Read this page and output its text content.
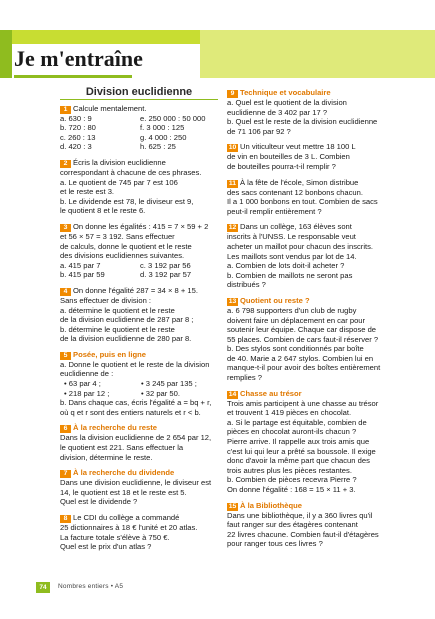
Je m'entraîne
Division euclidienne
1 Calcule mentalement.
a. 630 : 9	e. 250 000 : 50 000
b. 720 : 80	f. 3 000 : 125
c. 260 : 13	g. 4 000 : 250
d. 420 : 3	h. 625 : 25
2 Écris la division euclidienne
correspondant à chacune de ces phrases.
a. Le quotient de 745 par 7 est 106
et le reste est 3.
b. Le dividende est 78, le diviseur est 9,
le quotient 8 et le reste 6.
3 On donne les égalités : 415 = 7 × 59 + 2
et 56 × 57 = 3 192. Sans effectuer
de calculs, donne le quotient et le reste
des divisions euclidiennes suivantes.
a. 415 par 7	c. 3 192 par 56
b. 415 par 59	d. 3 192 par 57
4 On donne l'égalité 287 = 34 × 8 + 15.
Sans effectuer de division :
a. détermine le quotient et le reste
de la division euclidienne de 287 par 8 ;
b. détermine le quotient et le reste
de la division euclidienne de 280 par 8.
5 Posée, puis en ligne
a. Donne le quotient et le reste de la division
euclidienne de :
• 63 par 4 ;	• 3 245 par 135 ;
• 218 par 12 ;	• 32 par 50.
b. Dans chaque cas, écris l'égalité a = bq + r,
où q et r sont des entiers naturels et r < b.
6 À la recherche du reste
Dans la division euclidienne de 2 654 par 12,
le quotient est 221. Sans effectuer la
division, détermine le reste.
7 À la recherche du dividende
Dans une division euclidienne, le diviseur est
14, le quotient est 18 et le reste est 5.
Quel est le dividende ?
8 Le CDI du collège a commandé
25 dictionnaires à 18 € l'unité et 20 atlas.
La facture totale s'élève à 750 €.
Quel est le prix d'un atlas ?
9 Technique et vocabulaire
a. Quel est le quotient de la division
euclidienne de 3 402 par 17 ?
b. Quel est le reste de la division euclidienne
de 71 106 par 92 ?
10 Un viticulteur veut mettre 18 100 L
de vin en bouteilles de 3 L. Combien
de bouteilles pourra-t-il remplir ?
11 À la fête de l'école, Simon distribue
des sacs contenant 12 bonbons chacun.
Il a 1 000 bonbons en tout. Combien de sacs
peut-il remplir entièrement ?
12 Dans un collège, 163 élèves sont
inscrits à l'UNSS. Le responsable veut
acheter un maillot pour chacun des inscrits.
Les maillots sont vendus par lot de 14.
a. Combien de lots doit-il acheter ?
b. Combien de maillots ne seront pas
distribués ?
13 Quotient ou reste ?
a. 6 798 supporters d'un club de rugby
doivent faire un déplacement en car pour
soutenir leur équipe. Chaque car dispose de
55 places. Combien de cars faut-il réserver ?
b. Des stylos sont conditionnés par boîte
de 40. Marie a 2 647 stylos. Combien lui en
manque-t-il pour avoir des boîtes entièrement
remplies ?
14 Chasse au trésor
Trois amis participent à une chasse au trésor
et trouvent 1 419 pièces en chocolat.
a. Si le partage est équitable, combien de
pièces en chocolat auront-ils chacun ?
Pierre arrive. Il rappelle aux trois amis que
c'est lui qui leur a prêté sa boussole. Il exige
donc d'avoir la même part que chacun des
trois autres plus les pièces restantes.
b. Combien de pièces recevra Pierre ?
On donne l'égalité : 168 = 15 × 11 + 3.
15 À la Bibliothèque
Dans une bibliothèque, il y a 360 livres qu'il
faut ranger sur des étagères contenant
22 livres chacune. Combien faut-il d'étagères
pour ranger tous ces livres ?
74	Nombres entiers • A5
